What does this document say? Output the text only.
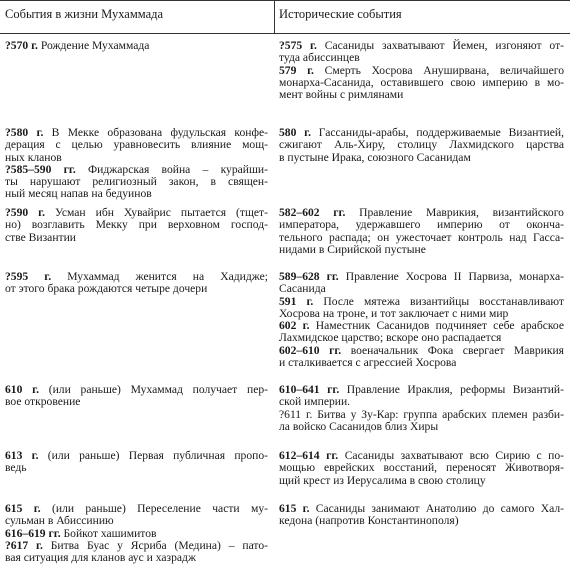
События в жизни Мухаммада	Исторические события
?570 г. Рождение Мухаммада	?575 г. Сасаниды захватывают Йемен, изгоняют от-
туда абиссинцев
579 г. Смерть Хосрова Ануширвана, величайшего
монарха-Сасанида, оставившего свою империю в мо-
мент войны с римлянами
?580 г. В Мекке образована фудульская конфе-
дерация с целью уравновесить влияние мощ-
ных кланов
?585–590 гг. Фиджарская война – курайши-
ты нарушают религиозный закон, в священ-
ный месяц напав на бедуинов
580 г. Гассаниды-арабы, поддерживаемые Византией,
сжигают Аль-Хиру, столицу Лахмидского царства
в пустыне Ирака, союзного Сасанидам
?590 г. Усман ибн Хувайрис пытается (тщет-
но) возглавить Мекку при верховном господ-
стве Византии
582–602 гг. Правление Маврикия, византийского
императора, удержавшего империю от оконча-
тельного распада; он ужесточает контроль над Гасса-
нидами в Сирийской пустыне
?595 г. Мухаммад женится на Хадидже;
от этого брака рождаются четыре дочери
589–628 гг. Правление Хосрова II Парвиза, монарха-
Сасанида
591 г. После мятежа византийцы восстанавливают
Хосрова на троне, и тот заключает с ними мир
602 г. Наместник Сасанидов подчиняет себе арабское
Лахмидское царство; вскоре оно распадается
602–610 гг. военачальник Фока свергает Маврикия
и сталкивается с агрессией Хосрова
610 г. (или раньше) Мухаммад получает пер-
вое откровение
610–641 гг. Правление Ираклия, реформы Византий-
ской империи.
?611 г. Битва у Зу-Кар: группа арабских племен разби-
ла войско Сасанидов близ Хиры
613 г. (или раньше) Первая публичная пропо-
ведь
612–614 гг. Сасаниды захватывают всю Сирию с по-
мощью еврейских восстаний, переносят Животворя-
щий крест из Иерусалима в свою столицу
615 г. (или раньше) Переселение части му-
сульман в Абиссинию
616–619 гг. Бойкот хашимитов
?617 г. Битва Буас у Ясриба (Медина) – пато-
вая ситуация для кланов аус и хазрадж
615 г. Сасаниды занимают Анатолию до самого Хал-
кедона (напротив Константинополя)
